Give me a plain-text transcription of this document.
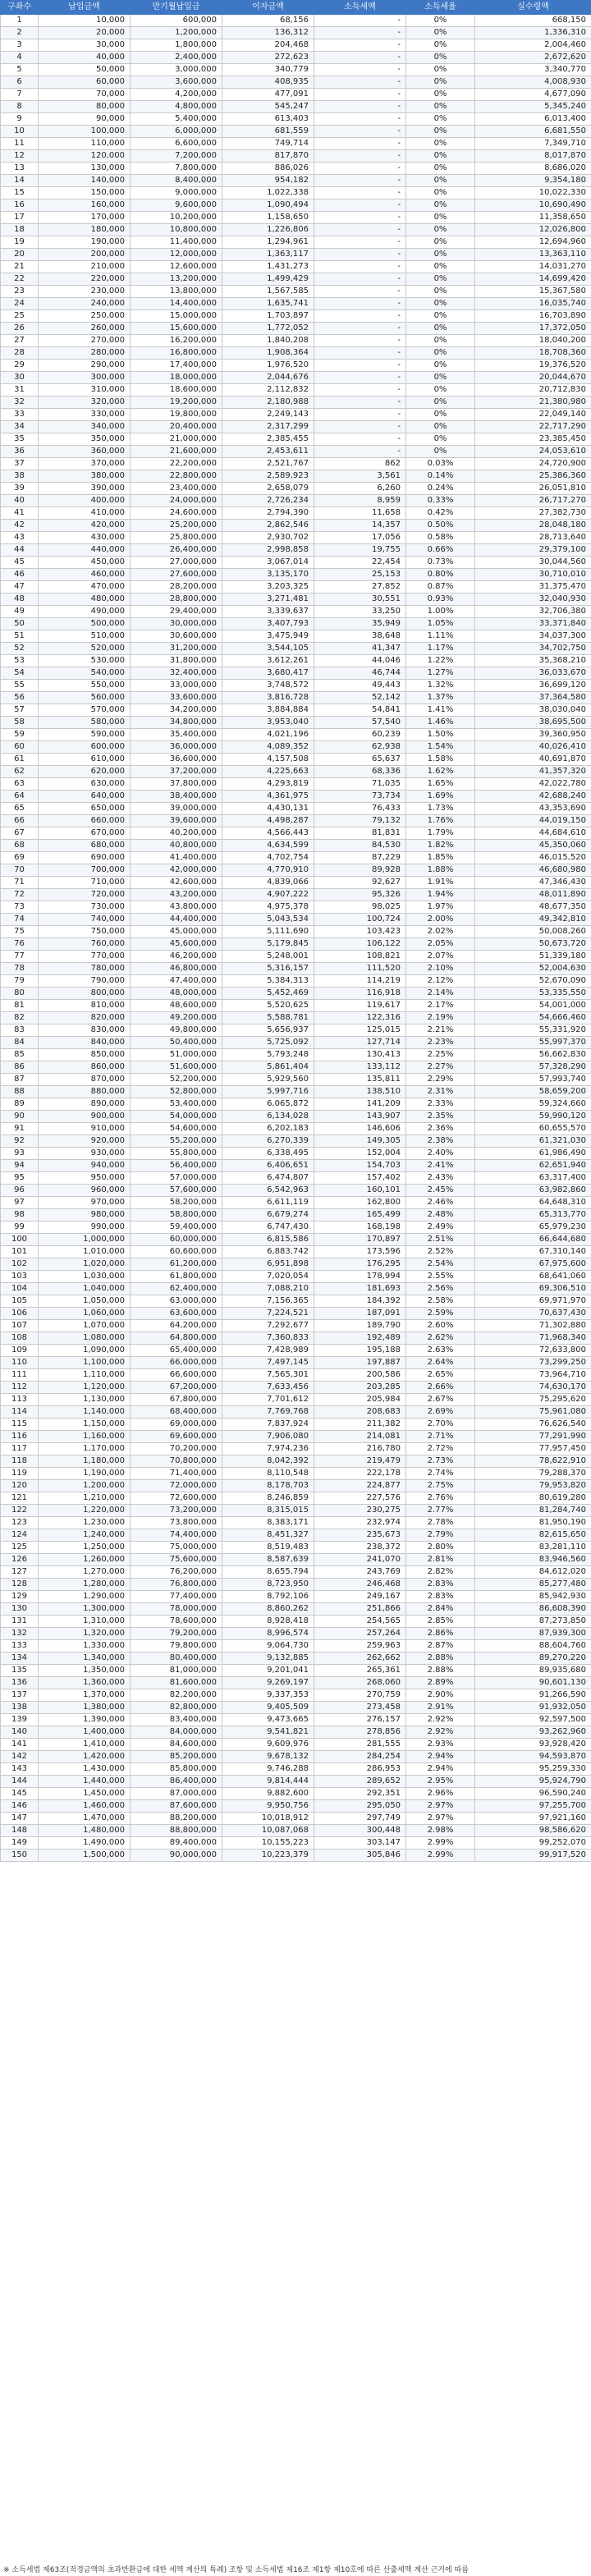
구좌수	납입금액	만기월납입금	이자금액	소득세액	소득세율	실수령액
1	10,000	600,000	68,156	-	0%	668,150
2	20,000	1,200,000	136,312	-	0%	1,336,310
3	30,000	1,800,000	204,468	-	0%	2,004,460
4	40,000	2,400,000	272,623	-	0%	2,672,620
5	50,000	3,000,000	340,779	-	0%	3,340,770
6	60,000	3,600,000	408,935	-	0%	4,008,930
7	70,000	4,200,000	477,091	-	0%	4,677,090
8	80,000	4,800,000	545,247	-	0%	5,345,240
9	90,000	5,400,000	613,403	-	0%	6,013,400
10	100,000	6,000,000	681,559	-	0%	6,681,550
11	110,000	6,600,000	749,714	-	0%	7,349,710
12	120,000	7,200,000	817,870	-	0%	8,017,870
13	130,000	7,800,000	886,026	-	0%	8,686,020
14	140,000	8,400,000	954,182	-	0%	9,354,180
15	150,000	9,000,000	1,022,338	-	0%	10,022,330
16	160,000	9,600,000	1,090,494	-	0%	10,690,490
17	170,000	10,200,000	1,158,650	-	0%	11,358,650
18	180,000	10,800,000	1,226,806	-	0%	12,026,800
19	190,000	11,400,000	1,294,961	-	0%	12,694,960
20	200,000	12,000,000	1,363,117	-	0%	13,363,110
21	210,000	12,600,000	1,431,273	-	0%	14,031,270
22	220,000	13,200,000	1,499,429	-	0%	14,699,420
23	230,000	13,800,000	1,567,585	-	0%	15,367,580
24	240,000	14,400,000	1,635,741	-	0%	16,035,740
25	250,000	15,000,000	1,703,897	-	0%	16,703,890
26	260,000	15,600,000	1,772,052	-	0%	17,372,050
27	270,000	16,200,000	1,840,208	-	0%	18,040,200
28	280,000	16,800,000	1,908,364	-	0%	18,708,360
29	290,000	17,400,000	1,976,520	-	0%	19,376,520
30	300,000	18,000,000	2,044,676	-	0%	20,044,670
31	310,000	18,600,000	2,112,832	-	0%	20,712,830
32	320,000	19,200,000	2,180,988	-	0%	21,380,980
33	330,000	19,800,000	2,249,143	-	0%	22,049,140
34	340,000	20,400,000	2,317,299	-	0%	22,717,290
35	350,000	21,000,000	2,385,455	-	0%	23,385,450
36	360,000	21,600,000	2,453,611	-	0%	24,053,610
37	370,000	22,200,000	2,521,767	862	0.03%	24,720,900
38	380,000	22,800,000	2,589,923	3,561	0.14%	25,386,360
39	390,000	23,400,000	2,658,079	6,260	0.24%	26,051,810
40	400,000	24,000,000	2,726,234	8,959	0.33%	26,717,270
41	410,000	24,600,000	2,794,390	11,658	0.42%	27,382,730
42	420,000	25,200,000	2,862,546	14,357	0.50%	28,048,180
43	430,000	25,800,000	2,930,702	17,056	0.58%	28,713,640
44	440,000	26,400,000	2,998,858	19,755	0.66%	29,379,100
45	450,000	27,000,000	3,067,014	22,454	0.73%	30,044,560
46	460,000	27,600,000	3,135,170	25,153	0.80%	30,710,010
47	470,000	28,200,000	3,203,325	27,852	0.87%	31,375,470
48	480,000	28,800,000	3,271,481	30,551	0.93%	32,040,930
49	490,000	29,400,000	3,339,637	33,250	1.00%	32,706,380
50	500,000	30,000,000	3,407,793	35,949	1.05%	33,371,840
51	510,000	30,600,000	3,475,949	38,648	1.11%	34,037,300
52	520,000	31,200,000	3,544,105	41,347	1.17%	34,702,750
53	530,000	31,800,000	3,612,261	44,046	1.22%	35,368,210
54	540,000	32,400,000	3,680,417	46,744	1.27%	36,033,670
55	550,000	33,000,000	3,748,572	49,443	1.32%	36,699,120
56	560,000	33,600,000	3,816,728	52,142	1.37%	37,364,580
57	570,000	34,200,000	3,884,884	54,841	1.41%	38,030,040
58	580,000	34,800,000	3,953,040	57,540	1.46%	38,695,500
59	590,000	35,400,000	4,021,196	60,239	1.50%	39,360,950
60	600,000	36,000,000	4,089,352	62,938	1.54%	40,026,410
61	610,000	36,600,000	4,157,508	65,637	1.58%	40,691,870
62	620,000	37,200,000	4,225,663	68,336	1.62%	41,357,320
63	630,000	37,800,000	4,293,819	71,035	1.65%	42,022,780
64	640,000	38,400,000	4,361,975	73,734	1.69%	42,688,240
65	650,000	39,000,000	4,430,131	76,433	1.73%	43,353,690
66	660,000	39,600,000	4,498,287	79,132	1.76%	44,019,150
67	670,000	40,200,000	4,566,443	81,831	1.79%	44,684,610
68	680,000	40,800,000	4,634,599	84,530	1.82%	45,350,060
69	690,000	41,400,000	4,702,754	87,229	1.85%	46,015,520
70	700,000	42,000,000	4,770,910	89,928	1.88%	46,680,980
71	710,000	42,600,000	4,839,066	92,627	1.91%	47,346,430
72	720,000	43,200,000	4,907,222	95,326	1.94%	48,011,890
73	730,000	43,800,000	4,975,378	98,025	1.97%	48,677,350
74	740,000	44,400,000	5,043,534	100,724	2.00%	49,342,810
75	750,000	45,000,000	5,111,690	103,423	2.02%	50,008,260
76	760,000	45,600,000	5,179,845	106,122	2.05%	50,673,720
77	770,000	46,200,000	5,248,001	108,821	2.07%	51,339,180
78	780,000	46,800,000	5,316,157	111,520	2.10%	52,004,630
79	790,000	47,400,000	5,384,313	114,219	2.12%	52,670,090
80	800,000	48,000,000	5,452,469	116,918	2.14%	53,335,550
81	810,000	48,600,000	5,520,625	119,617	2.17%	54,001,000
82	820,000	49,200,000	5,588,781	122,316	2.19%	54,666,460
83	830,000	49,800,000	5,656,937	125,015	2.21%	55,331,920
84	840,000	50,400,000	5,725,092	127,714	2.23%	55,997,370
85	850,000	51,000,000	5,793,248	130,413	2.25%	56,662,830
86	860,000	51,600,000	5,861,404	133,112	2.27%	57,328,290
87	870,000	52,200,000	5,929,560	135,811	2.29%	57,993,740
88	880,000	52,800,000	5,997,716	138,510	2.31%	58,659,200
89	890,000	53,400,000	6,065,872	141,209	2.33%	59,324,660
90	900,000	54,000,000	6,134,028	143,907	2.35%	59,990,120
91	910,000	54,600,000	6,202,183	146,606	2.36%	60,655,570
92	920,000	55,200,000	6,270,339	149,305	2.38%	61,321,030
93	930,000	55,800,000	6,338,495	152,004	2.40%	61,986,490
94	940,000	56,400,000	6,406,651	154,703	2.41%	62,651,940
95	950,000	57,000,000	6,474,807	157,402	2.43%	63,317,400
96	960,000	57,600,000	6,542,963	160,101	2.45%	63,982,860
97	970,000	58,200,000	6,611,119	162,800	2.46%	64,648,310
98	980,000	58,800,000	6,679,274	165,499	2.48%	65,313,770
99	990,000	59,400,000	6,747,430	168,198	2.49%	65,979,230
100	1,000,000	60,000,000	6,815,586	170,897	2.51%	66,644,680
101	1,010,000	60,600,000	6,883,742	173,596	2.52%	67,310,140
102	1,020,000	61,200,000	6,951,898	176,295	2.54%	67,975,600
103	1,030,000	61,800,000	7,020,054	178,994	2.55%	68,641,060
104	1,040,000	62,400,000	7,088,210	181,693	2.56%	69,306,510
105	1,050,000	63,000,000	7,156,365	184,392	2.58%	69,971,970
106	1,060,000	63,600,000	7,224,521	187,091	2.59%	70,637,430
107	1,070,000	64,200,000	7,292,677	189,790	2.60%	71,302,880
108	1,080,000	64,800,000	7,360,833	192,489	2.62%	71,968,340
109	1,090,000	65,400,000	7,428,989	195,188	2.63%	72,633,800
110	1,100,000	66,000,000	7,497,145	197,887	2.64%	73,299,250
111	1,110,000	66,600,000	7,565,301	200,586	2.65%	73,964,710
112	1,120,000	67,200,000	7,633,456	203,285	2.66%	74,630,170
113	1,130,000	67,800,000	7,701,612	205,984	2.67%	75,295,620
114	1,140,000	68,400,000	7,769,768	208,683	2.69%	75,961,080
115	1,150,000	69,000,000	7,837,924	211,382	2.70%	76,626,540
116	1,160,000	69,600,000	7,906,080	214,081	2.71%	77,291,990
117	1,170,000	70,200,000	7,974,236	216,780	2.72%	77,957,450
118	1,180,000	70,800,000	8,042,392	219,479	2.73%	78,622,910
119	1,190,000	71,400,000	8,110,548	222,178	2.74%	79,288,370
120	1,200,000	72,000,000	8,178,703	224,877	2.75%	79,953,820
121	1,210,000	72,600,000	8,246,859	227,576	2.76%	80,619,280
122	1,220,000	73,200,000	8,315,015	230,275	2.77%	81,284,740
123	1,230,000	73,800,000	8,383,171	232,974	2.78%	81,950,190
124	1,240,000	74,400,000	8,451,327	235,673	2.79%	82,615,650
125	1,250,000	75,000,000	8,519,483	238,372	2.80%	83,281,110
126	1,260,000	75,600,000	8,587,639	241,070	2.81%	83,946,560
127	1,270,000	76,200,000	8,655,794	243,769	2.82%	84,612,020
128	1,280,000	76,800,000	8,723,950	246,468	2.83%	85,277,480
129	1,290,000	77,400,000	8,792,106	249,167	2.83%	85,942,930
130	1,300,000	78,000,000	8,860,262	251,866	2.84%	86,608,390
131	1,310,000	78,600,000	8,928,418	254,565	2.85%	87,273,850
132	1,320,000	79,200,000	8,996,574	257,264	2.86%	87,939,300
133	1,330,000	79,800,000	9,064,730	259,963	2.87%	88,604,760
134	1,340,000	80,400,000	9,132,885	262,662	2.88%	89,270,220
135	1,350,000	81,000,000	9,201,041	265,361	2.88%	89,935,680
136	1,360,000	81,600,000	9,269,197	268,060	2.89%	90,601,130
137	1,370,000	82,200,000	9,337,353	270,759	2.90%	91,266,590
138	1,380,000	82,800,000	9,405,509	273,458	2.91%	91,932,050
139	1,390,000	83,400,000	9,473,665	276,157	2.92%	92,597,500
140	1,400,000	84,000,000	9,541,821	278,856	2.92%	93,262,960
141	1,410,000	84,600,000	9,609,976	281,555	2.93%	93,928,420
142	1,420,000	85,200,000	9,678,132	284,254	2.94%	94,593,870
143	1,430,000	85,800,000	9,746,288	286,953	2.94%	95,259,330
144	1,440,000	86,400,000	9,814,444	289,652	2.95%	95,924,790
145	1,450,000	87,000,000	9,882,600	292,351	2.96%	96,590,240
146	1,460,000	87,600,000	9,950,756	295,050	2.97%	97,255,700
147	1,470,000	88,200,000	10,018,912	297,749	2.97%	97,921,160
148	1,480,000	88,800,000	10,087,068	300,448	2.98%	98,586,620
149	1,490,000	89,400,000	10,155,223	303,147	2.99%	99,252,070
150	1,500,000	90,000,000	10,223,379	305,846	2.99%	99,917,520
※ 소득세법 제63조(적경금액의 초과반환금에 대한 세액 계산의 특례) 조항 및 소득세법 제16조 제1항 제10호에 따른 산출세액 계산 근거에 따름
